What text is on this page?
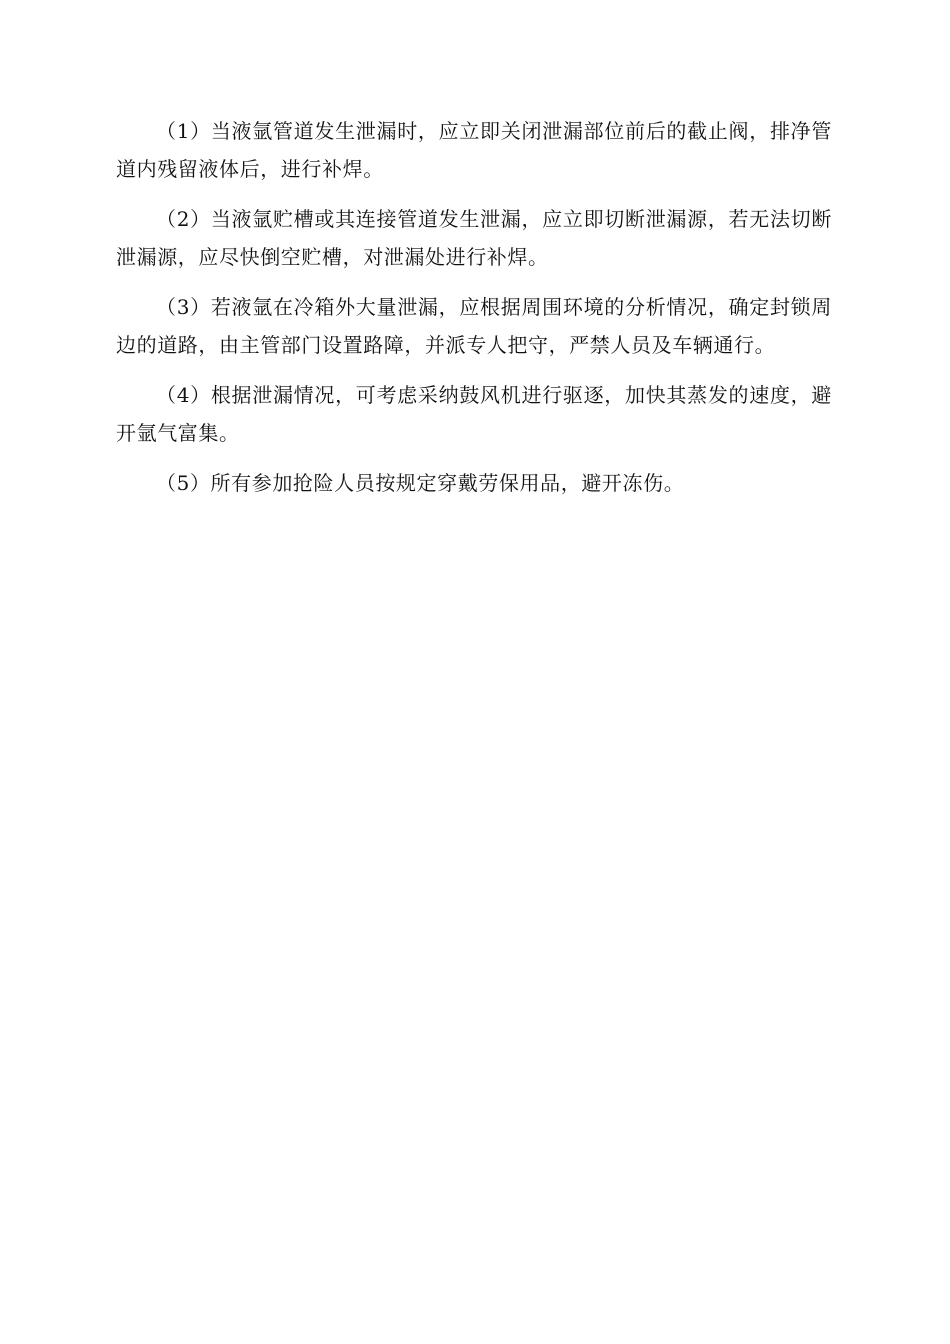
（1）当液氩管道发生泄漏时，应立即关闭泄漏部位前后的截止阀，排净管道内残留液体后，进行补焊。

（2）当液氩贮槽或其连接管道发生泄漏，应立即切断泄漏源，若无法切断泄漏源，应尽快倒空贮槽，对泄漏处进行补焊。

（3）若液氩在冷箱外大量泄漏，应根据周围环境的分析情况，确定封锁周边的道路，由主管部门设置路障，并派专人把守，严禁人员及车辆通行。

（4）根据泄漏情况，可考虑采纳鼓风机进行驱逐，加快其蒸发的速度，避开氩气富集。

（5）所有参加抢险人员按规定穿戴劳保用品，避开冻伤。
